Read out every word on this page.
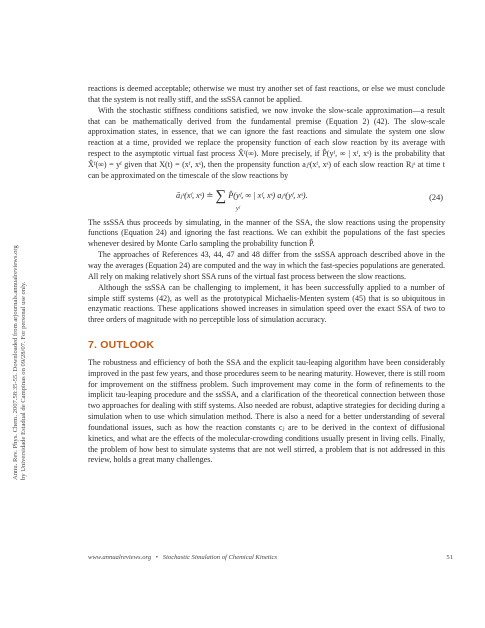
Annu. Rev. Phys. Chem. 2007.58:35-55. Downloaded from arjournals.annualreviews.org by Universidade Estadual de Campinas on 09/28/07. For personal use only.

reactions is deemed acceptable; otherwise we must try another set of fast reactions, or else we must conclude that the system is not really stiff, and the ssSSA cannot be applied.

With the stochastic stiffness conditions satisfied, we now invoke the slow-scale approximation—a result that can be mathematically derived from the fundamental premise (Equation 2) (42). The slow-scale approximation states, in essence, that we can ignore the fast reactions and simulate the system one slow reaction at a time, provided we replace the propensity function of each slow reaction by its average with respect to the asymptotic virtual fast process X̂ᶠ(∞). More precisely, if P̂(yᶠ, ∞ | xᶠ, xˢ) is the probability that X̂ᶠ(∞) = yᶠ given that X(t) = (xᶠ, xˢ), then the propensity function aⱼˢ(xᶠ, xˢ) of each slow reaction Rⱼˢ at time t can be approximated on the timescale of the slow reactions by

āⱼˢ(xᶠ, xˢ) ≐ ∑ P̂(yᶠ, ∞ | xᶠ, xˢ) aⱼˢ(yᶠ, xˢ).
yᶠ
(24)

The ssSSA thus proceeds by simulating, in the manner of the SSA, the slow reactions using the propensity functions (Equation 24) and ignoring the fast reactions. We can exhibit the populations of the fast species whenever desired by Monte Carlo sampling the probability function P̂.

The approaches of References 43, 44, 47 and 48 differ from the ssSSA approach described above in the way the averages (Equation 24) are computed and the way in which the fast-species populations are generated. All rely on making relatively short SSA runs of the virtual fast process between the slow reactions.

Although the ssSSA can be challenging to implement, it has been successfully applied to a number of simple stiff systems (42), as well as the prototypical Michaelis-Menten system (45) that is so ubiquitous in enzymatic reactions. These applications showed increases in simulation speed over the exact SSA of two to three orders of magnitude with no perceptible loss of simulation accuracy.

7. OUTLOOK

The robustness and efficiency of both the SSA and the explicit tau-leaping algorithm have been considerably improved in the past few years, and those procedures seem to be nearing maturity. However, there is still room for improvement on the stiffness problem. Such improvement may come in the form of refinements to the implicit tau-leaping procedure and the ssSSA, and a clarification of the theoretical connection between those two approaches for dealing with stiff systems. Also needed are robust, adaptive strategies for deciding during a simulation when to use which simulation method. There is also a need for a better understanding of several foundational issues, such as how the reaction constants cⱼ are to be derived in the context of diffusional kinetics, and what are the effects of the molecular-crowding conditions usually present in living cells. Finally, the problem of how best to simulate systems that are not well stirred, a problem that is not addressed in this review, holds a great many challenges.

www.annualreviews.org • Stochastic Simulation of Chemical Kinetics	51
